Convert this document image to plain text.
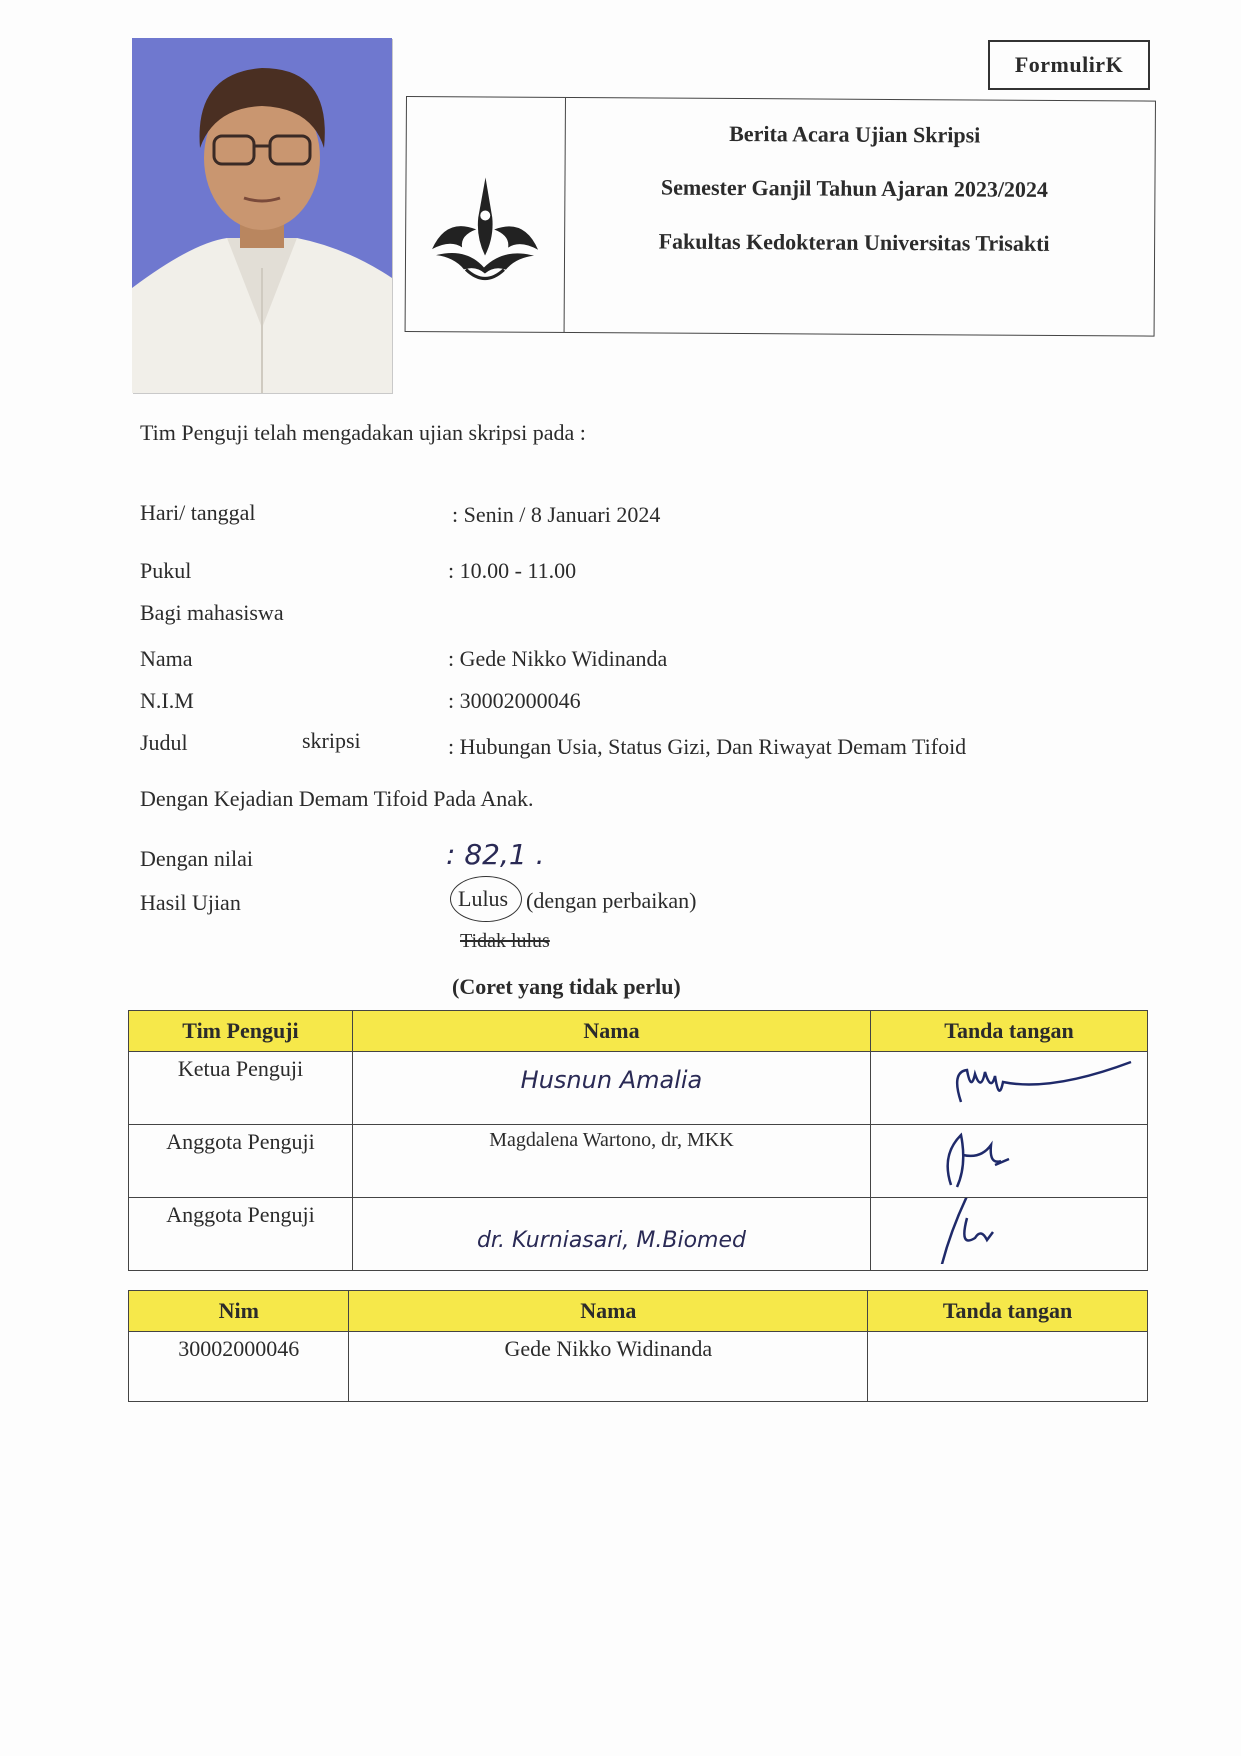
FormulirK
Berita Acara Ujian Skripsi
Semester Ganjil Tahun Ajaran 2023/2024
Fakultas Kedokteran Universitas Trisakti
Tim Penguji telah mengadakan ujian skripsi pada :
Hari/ tanggal	: Senin / 8 Januari 2024
Pukul	: 10.00 - 11.00
Bagi mahasiswa
Nama	: Gede Nikko Widinanda
N.I.M	: 30002000046
Judul	skripsi	: Hubungan Usia, Status Gizi, Dan Riwayat Demam Tifoid
Dengan Kejadian Demam Tifoid Pada Anak.
Dengan nilai	: 82,1 .
Hasil Ujian	Lulus (dengan perbaikan)
Tidak lulus
(Coret yang tidak perlu)
Tim Penguji	Nama	Tanda tangan
Ketua Penguji	Husnun Amalia	
Anggota Penguji	Magdalena Wartono, dr, MKK	
Anggota Penguji	dr. Kurniasari, M.Biomed	
Nim	Nama	Tanda tangan
30002000046	Gede Nikko Widinanda	
